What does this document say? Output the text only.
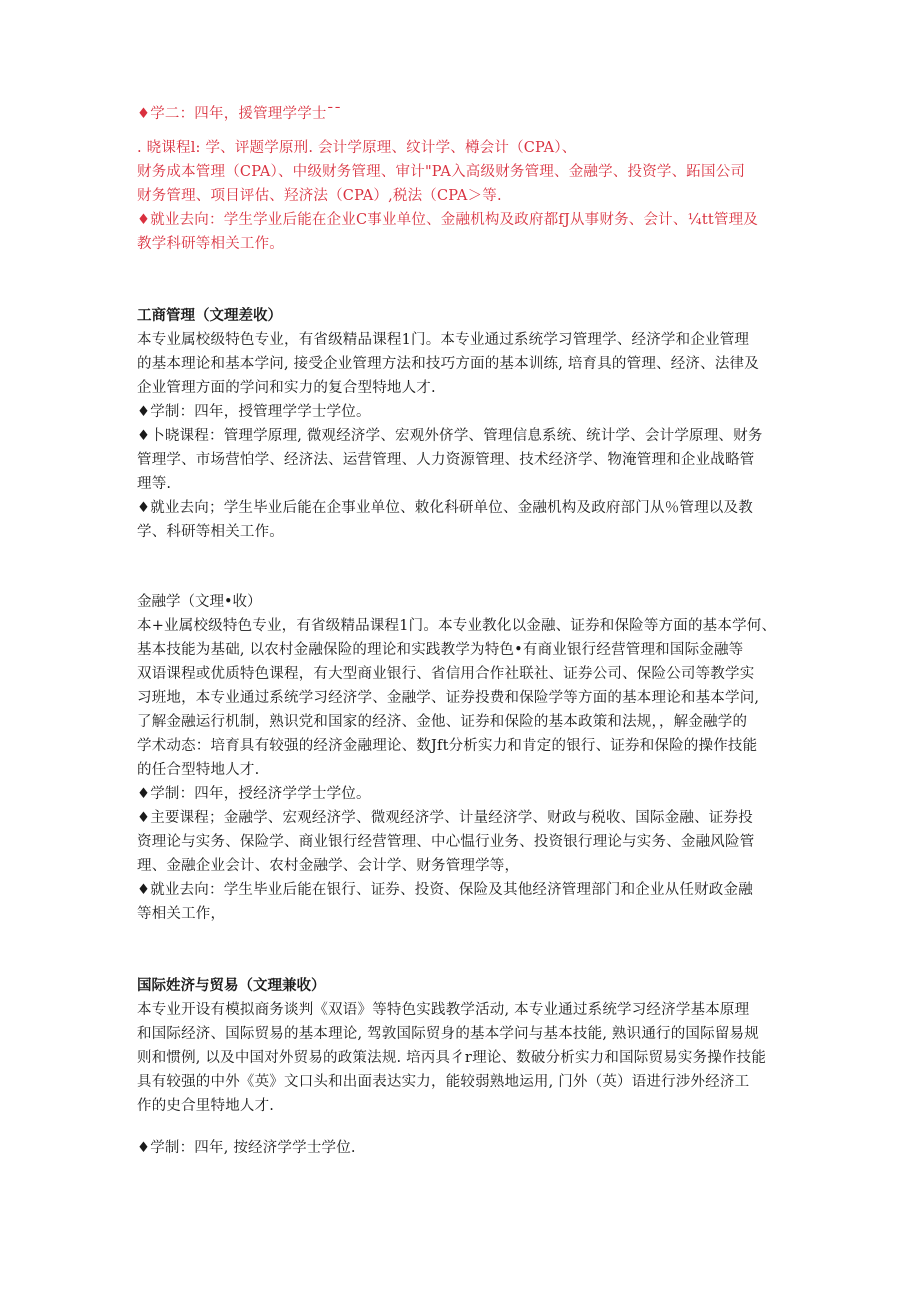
♦学二：四年，援管理学学士ˉˉ
. 晓课程l: 学、评题学原刑. 会计学原理、纹计学、樽会计（CPA）、
财务成本管理（CPA）、中级财务管理、审计"PA入高级财务管理、金融学、投资学、跖国公司
财务管理、项目评估、羟济法（CPA）,税法（CPA＞等.
♦就业去向：学生学业后能在企业C事业单位、金融机构及政府都fJ从事财务、会计、¼tt管理及
教学科研等相关工作。
工商管理（文理差收）
本专业属校级特色专业，有省级精品课程1门。本专业通过系统学习管理学、经济学和企业管理
的基本理论和基本学问, 接受企业管理方法和技巧方面的基本训练, 培育具的管理、经济、法律及
企业管理方面的学问和实力的复合型特地人才.
♦学制：四年，授管理学学士学位。
♦卜晓课程：管理学原理, 微观经济学、宏观外侪学、管理信息系统、统计学、会计学原理、财务
管理学、市场营怕学、经济法、运营管理、人力资源管理、技术经济学、物淹管理和企业战略管
理等.
♦就业去向；学生毕业后能在企事业单位、敕化科研单位、金融机构及政府部门从％管理以及教
学、科研等相关工作。
金融学（文理•收）
本+业属校级特色专业，有省级精品课程1门。本专业教化以金融、证券和保险等方面的基本学何、
基本技能为基础, 以农村金融保险的理论和实践教学为特色•有商业银行经营管理和国际金融等
双语课程或优质特色课程，有大型商业银行、省信用合作社联社、证券公司、保险公司等教学实
习班地，本专业通过系统学习经济学、金融学、证券投费和保险学等方面的基本理论和基本学问,
了解金融运行机制，熟识党和国家的经济、金他、证券和保险的基本政策和法规，，解金融学的
学术动态：培育具有较强的经济金融理论、数Jft分析实力和肯定的银行、证券和保险的操作技能
的任合型特地人才.
♦学制：四年，授经济学学士学位。
♦主要课程；金融学、宏观经济学、微观经济学、计量经济学、财政与税收、国际金融、证券投
资理论与实务、保险学、商业银行经营管理、中心愠行业务、投资银行理论与实务、金融风险管
理、金融企业会计、农村金融学、会计学、财务管理学等，
♦就业去向：学生毕业后能在银行、证券、投资、保险及其他经济管理部门和企业从任财政金融
等相关工作，
国际姓济与贸易（文理兼收）
本专业开设有模拟商务谈判《双语》等特色实践教学活动, 本专业通过系统学习经济学基本原理
和国际经济、国际贸易的基本理论, 驾敦国际贸身的基本学问与基本技能, 熟识通行的国际留易规
则和惯例, 以及中国对外贸易的政策法规. 培丙具彳r理论、数破分析实力和国际贸易实务操作技能
具有较强的中外《英》文口头和出面表达实力，能较弱熟地运用, 门外（英）语进行涉外经济工
作的史合里特地人才.
♦学制：四年, 按经济学学士学位.
